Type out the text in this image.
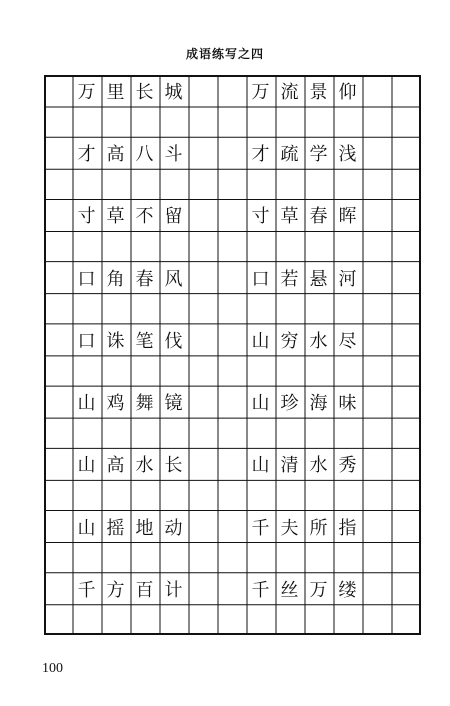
成语练写之四
万 里 长 城
才 高 八 斗
寸 草 不 留
口 角 春 风
口 诛 笔 伐
山 鸡 舞 镜
山 高 水 长
山 摇 地 动
千 方 百 计
万 流 景 仰
才 疏 学 浅
寸 草 春 晖
口 若 悬 河
山 穷 水 尽
山 珍 海 味
山 清 水 秀
千 夫 所 指
千 丝 万 缕
100
